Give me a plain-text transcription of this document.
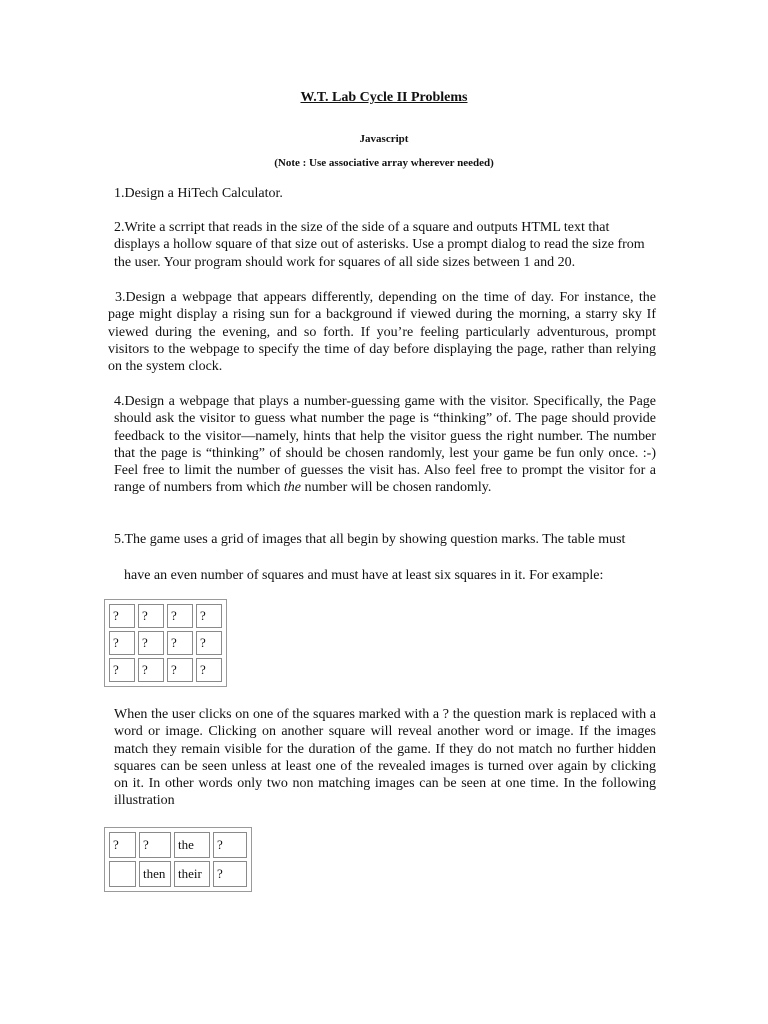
W.T. Lab Cycle II Problems
Javascript
(Note : Use associative array wherever needed)

1.Design a HiTech Calculator.

2.Write a scrript that reads in the size of the side of a square and outputs HTML text that displays a hollow square of that size out of asterisks. Use a prompt dialog to read the size from the user. Your program should work for squares of all side sizes between 1 and 20.

3.Design a webpage that appears differently, depending on the time of day. For instance, the page might display a rising sun for a background if viewed during the morning, a starry sky If viewed during the evening, and so forth. If you’re feeling particularly adventurous, prompt visitors to the webpage to specify the time of day before displaying the page, rather than relying on the system clock.

4.Design a webpage that plays a number-guessing game with the visitor. Specifically, the Page should ask the visitor to guess what number the page is “thinking” of. The page should provide feedback to the visitor—namely, hints that help the visitor guess the right number. The number that the page is “thinking” of should be chosen randomly, lest your game be fun only once. :-) Feel free to limit the number of guesses the visit has. Also feel free to prompt the visitor for a range of numbers from which the number will be chosen randomly.

5.The game uses a grid of images that all begin by showing question marks. The table must

have an even number of squares and must have at least six squares in it. For example:

?	?	?	?
?	?	?	?
?	?	?	?

When the user clicks on one of the squares marked with a ? the question mark is replaced with a word or image. Clicking on another square will reveal another word or image. If the images match they remain visible for the duration of the game. If they do not match no further hidden squares can be seen unless at least one of the revealed images is turned over again by clicking on it. In other words only two non matching images can be seen at one time. In the following illustration

?	?	the	?
	then	their	?
